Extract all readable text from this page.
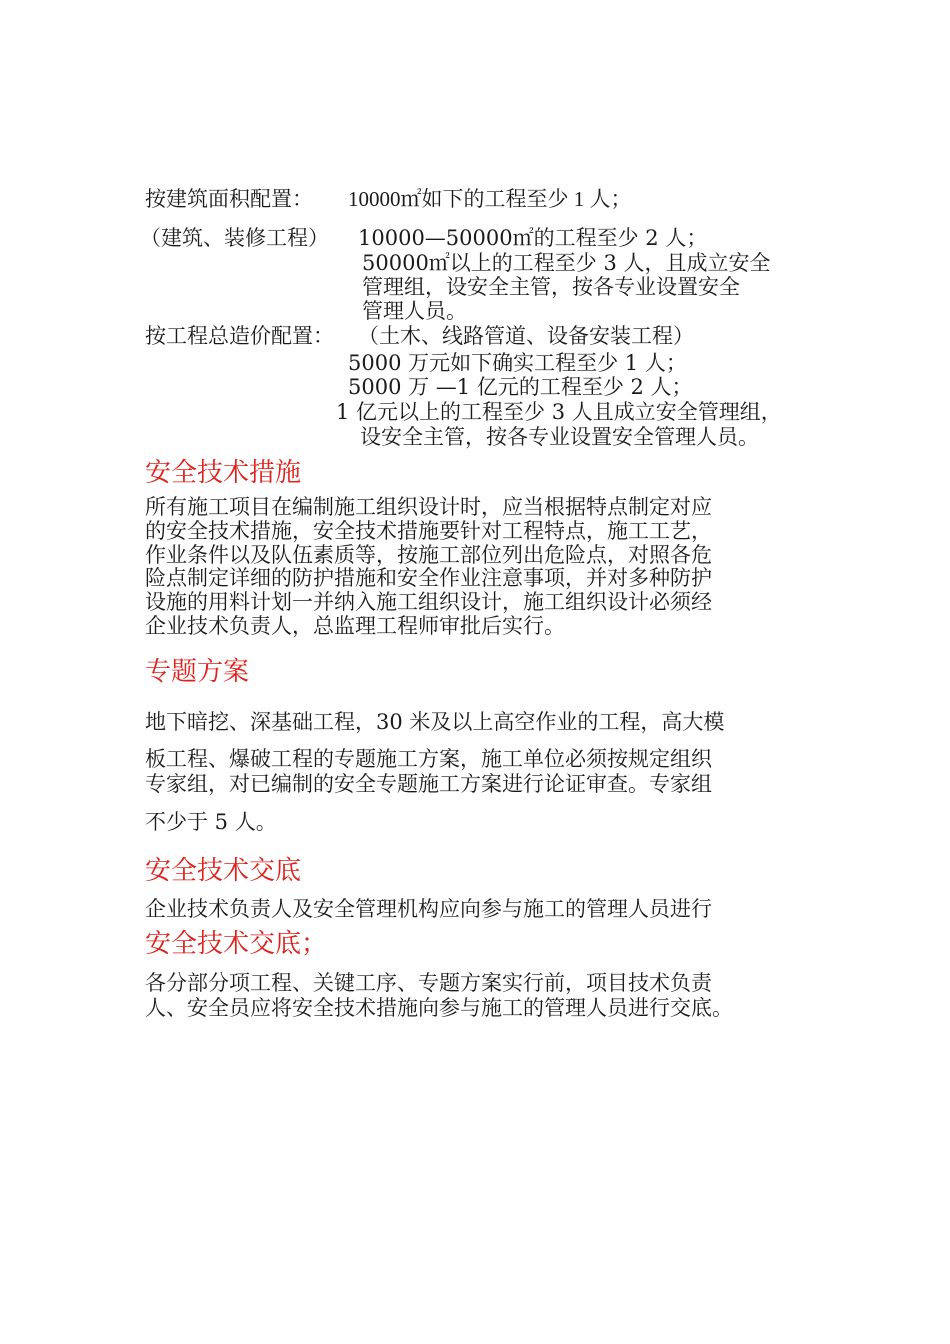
按建筑面积配置： 10000㎡如下的工程至少 1 人；
（建筑、装修工程） 10000—50000㎡的工程至少 2 人；
50000㎡以上的工程至少 3 人，且成立安全
管理组，设安全主管，按各专业设置安全
管理人员。
按工程总造价配置： （土木、线路管道、设备安装工程）
5000 万元如下确实工程至少 1 人；
5000 万 —1 亿元的工程至少 2 人；
1 亿元以上的工程至少 3 人且成立安全管理组，
设安全主管，按各专业设置安全管理人员。
安全技术措施
所有施工项目在编制施工组织设计时，应当根据特点制定对应
的安全技术措施，安全技术措施要针对工程特点，施工工艺，
作业条件以及队伍素质等，按施工部位列出危险点，对照各危
险点制定详细的防护措施和安全作业注意事项，并对多种防护
设施的用料计划一并纳入施工组织设计，施工组织设计必须经
企业技术负责人，总监理工程师审批后实行。
专题方案
地下暗挖、深基础工程，30 米及以上高空作业的工程，高大模
板工程、爆破工程的专题施工方案，施工单位必须按规定组织
专家组，对已编制的安全专题施工方案进行论证审查。专家组
不少于 5 人。
安全技术交底
企业技术负责人及安全管理机构应向参与施工的管理人员进行
安全技术交底；
各分部分项工程、关键工序、专题方案实行前，项目技术负责
人、安全员应将安全技术措施向参与施工的管理人员进行交底。
